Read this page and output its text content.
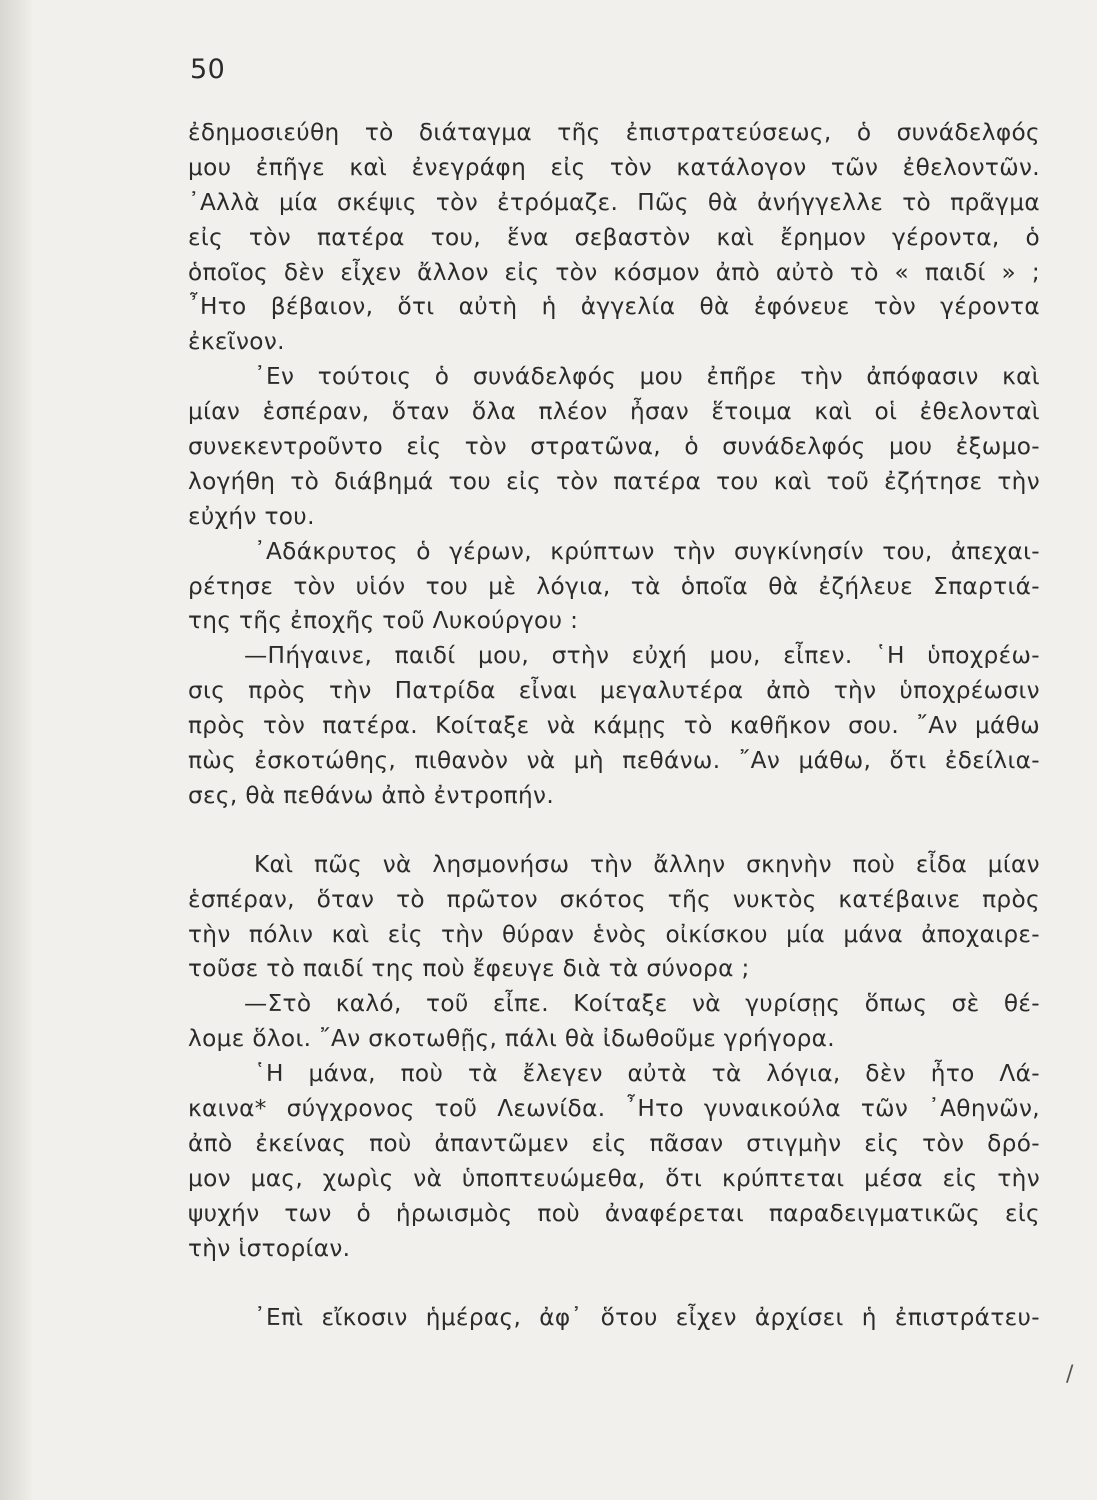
50
ἐδημοσιεύθη τὸ διάταγμα τῆς ἐπιστρατεύσεως, ὁ συνάδελφός
μου ἐπῆγε καὶ ἐνεγράφη εἰς τὸν κατάλογον τῶν ἐθελοντῶν.
᾿Αλλὰ μία σκέψις τὸν ἐτρόμαζε. Πῶς θὰ ἀνήγγελλε τὸ πρᾶγμα
εἰς τὸν πατέρα του, ἕνα σεβαστὸν καὶ ἔρημον γέροντα, ὁ
ὁποῖος δὲν εἶχεν ἄλλον εἰς τὸν κόσμον ἀπὸ αὐτὸ τὸ « παιδί » ;
῏Ητο βέβαιον, ὅτι αὐτὴ ἡ ἀγγελία θὰ ἐφόνευε τὸν γέροντα
ἐκεῖνον.
᾿Εν τούτοις ὁ συνάδελφός μου ἐπῆρε τὴν ἀπόφασιν καὶ
μίαν ἑσπέραν, ὅταν ὅλα πλέον ἦσαν ἕτοιμα καὶ οἱ ἐθελονταὶ
συνεκεντροῦντο εἰς τὸν στρατῶνα, ὁ συνάδελφός μου ἐξωμο-
λογήθη τὸ διάβημά του εἰς τὸν πατέρα του καὶ τοῦ ἐζήτησε τὴν
εὐχήν του.
᾿Αδάκρυτος ὁ γέρων, κρύπτων τὴν συγκίνησίν του, ἀπεχαι-
ρέτησε τὸν υἱόν του μὲ λόγια, τὰ ὁποῖα θὰ ἐζήλευε Σπαρτιά-
της τῆς ἐποχῆς τοῦ Λυκούργου :
—Πήγαινε, παιδί μου, στὴν εὐχή μου, εἶπεν. ῾Η ὑποχρέω-
σις πρὸς τὴν Πατρίδα εἶναι μεγαλυτέρα ἀπὸ τὴν ὑποχρέωσιν
πρὸς τὸν πατέρα. Κοίταξε νὰ κάμῃς τὸ καθῆκον σου. ῎Αν μάθω
πὼς ἐσκοτώθης, πιθανὸν νὰ μὴ πεθάνω. ῎Αν μάθω, ὅτι ἐδείλια-
σες, θὰ πεθάνω ἀπὸ ἐντροπήν.
Καὶ πῶς νὰ λησμονήσω τὴν ἄλλην σκηνὴν ποὺ εἶδα μίαν
ἑσπέραν, ὅταν τὸ πρῶτον σκότος τῆς νυκτὸς κατέβαινε πρὸς
τὴν πόλιν καὶ εἰς τὴν θύραν ἑνὸς οἰκίσκου μία μάνα ἀποχαιρε-
τοῦσε τὸ παιδί της ποὺ ἔφευγε διὰ τὰ σύνορα ;
—Στὸ καλό, τοῦ εἶπε. Κοίταξε νὰ γυρίσῃς ὅπως σὲ θέ-
λομε ὅλοι. ῎Αν σκοτωθῇς, πάλι θὰ ἰδωθοῦμε γρήγορα.
῾Η μάνα, ποὺ τὰ ἔλεγεν αὐτὰ τὰ λόγια, δὲν ἦτο Λά-
καινα* σύγχρονος τοῦ Λεωνίδα. ῏Ητο γυναικούλα τῶν ᾿Αθηνῶν,
ἀπὸ ἐκείνας ποὺ ἀπαντῶμεν εἰς πᾶσαν στιγμὴν εἰς τὸν δρό-
μον μας, χωρὶς νὰ ὑποπτευώμεθα, ὅτι κρύπτεται μέσα εἰς τὴν
ψυχήν των ὁ ἡρωισμὸς ποὺ ἀναφέρεται παραδειγματικῶς εἰς
τὴν ἱστορίαν.
᾿Επὶ εἴκοσιν ἡμέρας, ἀφ᾿ ὅτου εἶχεν ἀρχίσει ἡ ἐπιστράτευ-
/
